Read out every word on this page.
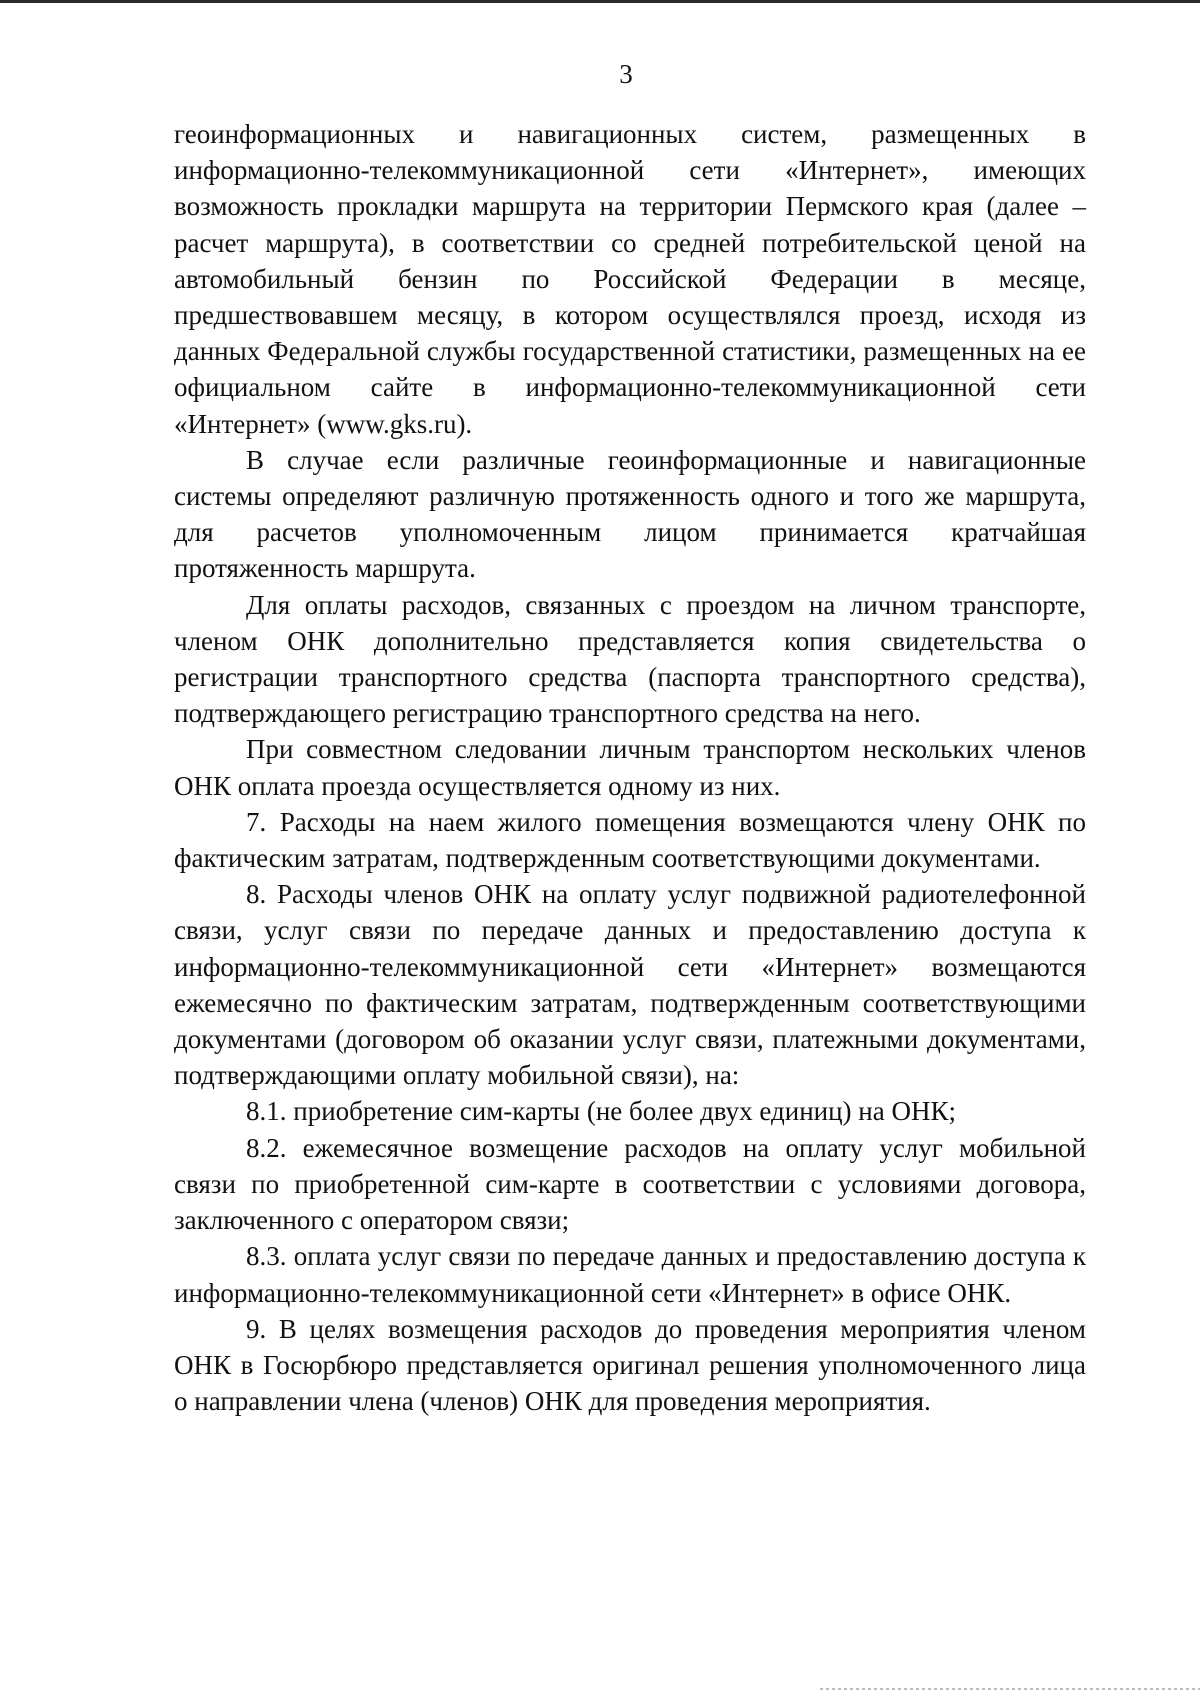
3

геоинформационных и навигационных систем, размещенных в информационно-телекоммуникационной сети «Интернет», имеющих возможность прокладки маршрута на территории Пермского края (далее – расчет маршрута), в соответствии со средней потребительской ценой на автомобильный бензин по Российской Федерации в месяце, предшествовавшем месяцу, в котором осуществлялся проезд, исходя из данных Федеральной службы государственной статистики, размещенных на ее официальном сайте в информационно-телекоммуникационной сети «Интернет» (www.gks.ru).

В случае если различные геоинформационные и навигационные системы определяют различную протяженность одного и того же маршрута, для расчетов уполномоченным лицом принимается кратчайшая протяженность маршрута.

Для оплаты расходов, связанных с проездом на личном транспорте, членом ОНК дополнительно представляется копия свидетельства о регистрации транспортного средства (паспорта транспортного средства), подтверждающего регистрацию транспортного средства на него.

При совместном следовании личным транспортом нескольких членов ОНК оплата проезда осуществляется одному из них.

7. Расходы на наем жилого помещения возмещаются члену ОНК по фактическим затратам, подтвержденным соответствующими документами.

8. Расходы членов ОНК на оплату услуг подвижной радиотелефонной связи, услуг связи по передаче данных и предоставлению доступа к информационно-телекоммуникационной сети «Интернет» возмещаются ежемесячно по фактическим затратам, подтвержденным соответствующими документами (договором об оказании услуг связи, платежными документами, подтверждающими оплату мобильной связи), на:

8.1. приобретение сим-карты (не более двух единиц) на ОНК;

8.2. ежемесячное возмещение расходов на оплату услуг мобильной связи по приобретенной сим-карте в соответствии с условиями договора, заключенного с оператором связи;

8.3. оплата услуг связи по передаче данных и предоставлению доступа к информационно-телекоммуникационной сети «Интернет» в офисе ОНК.

9. В целях возмещения расходов до проведения мероприятия членом ОНК в Госюрбюро представляется оригинал решения уполномоченного лица о направлении члена (членов) ОНК для проведения мероприятия.
